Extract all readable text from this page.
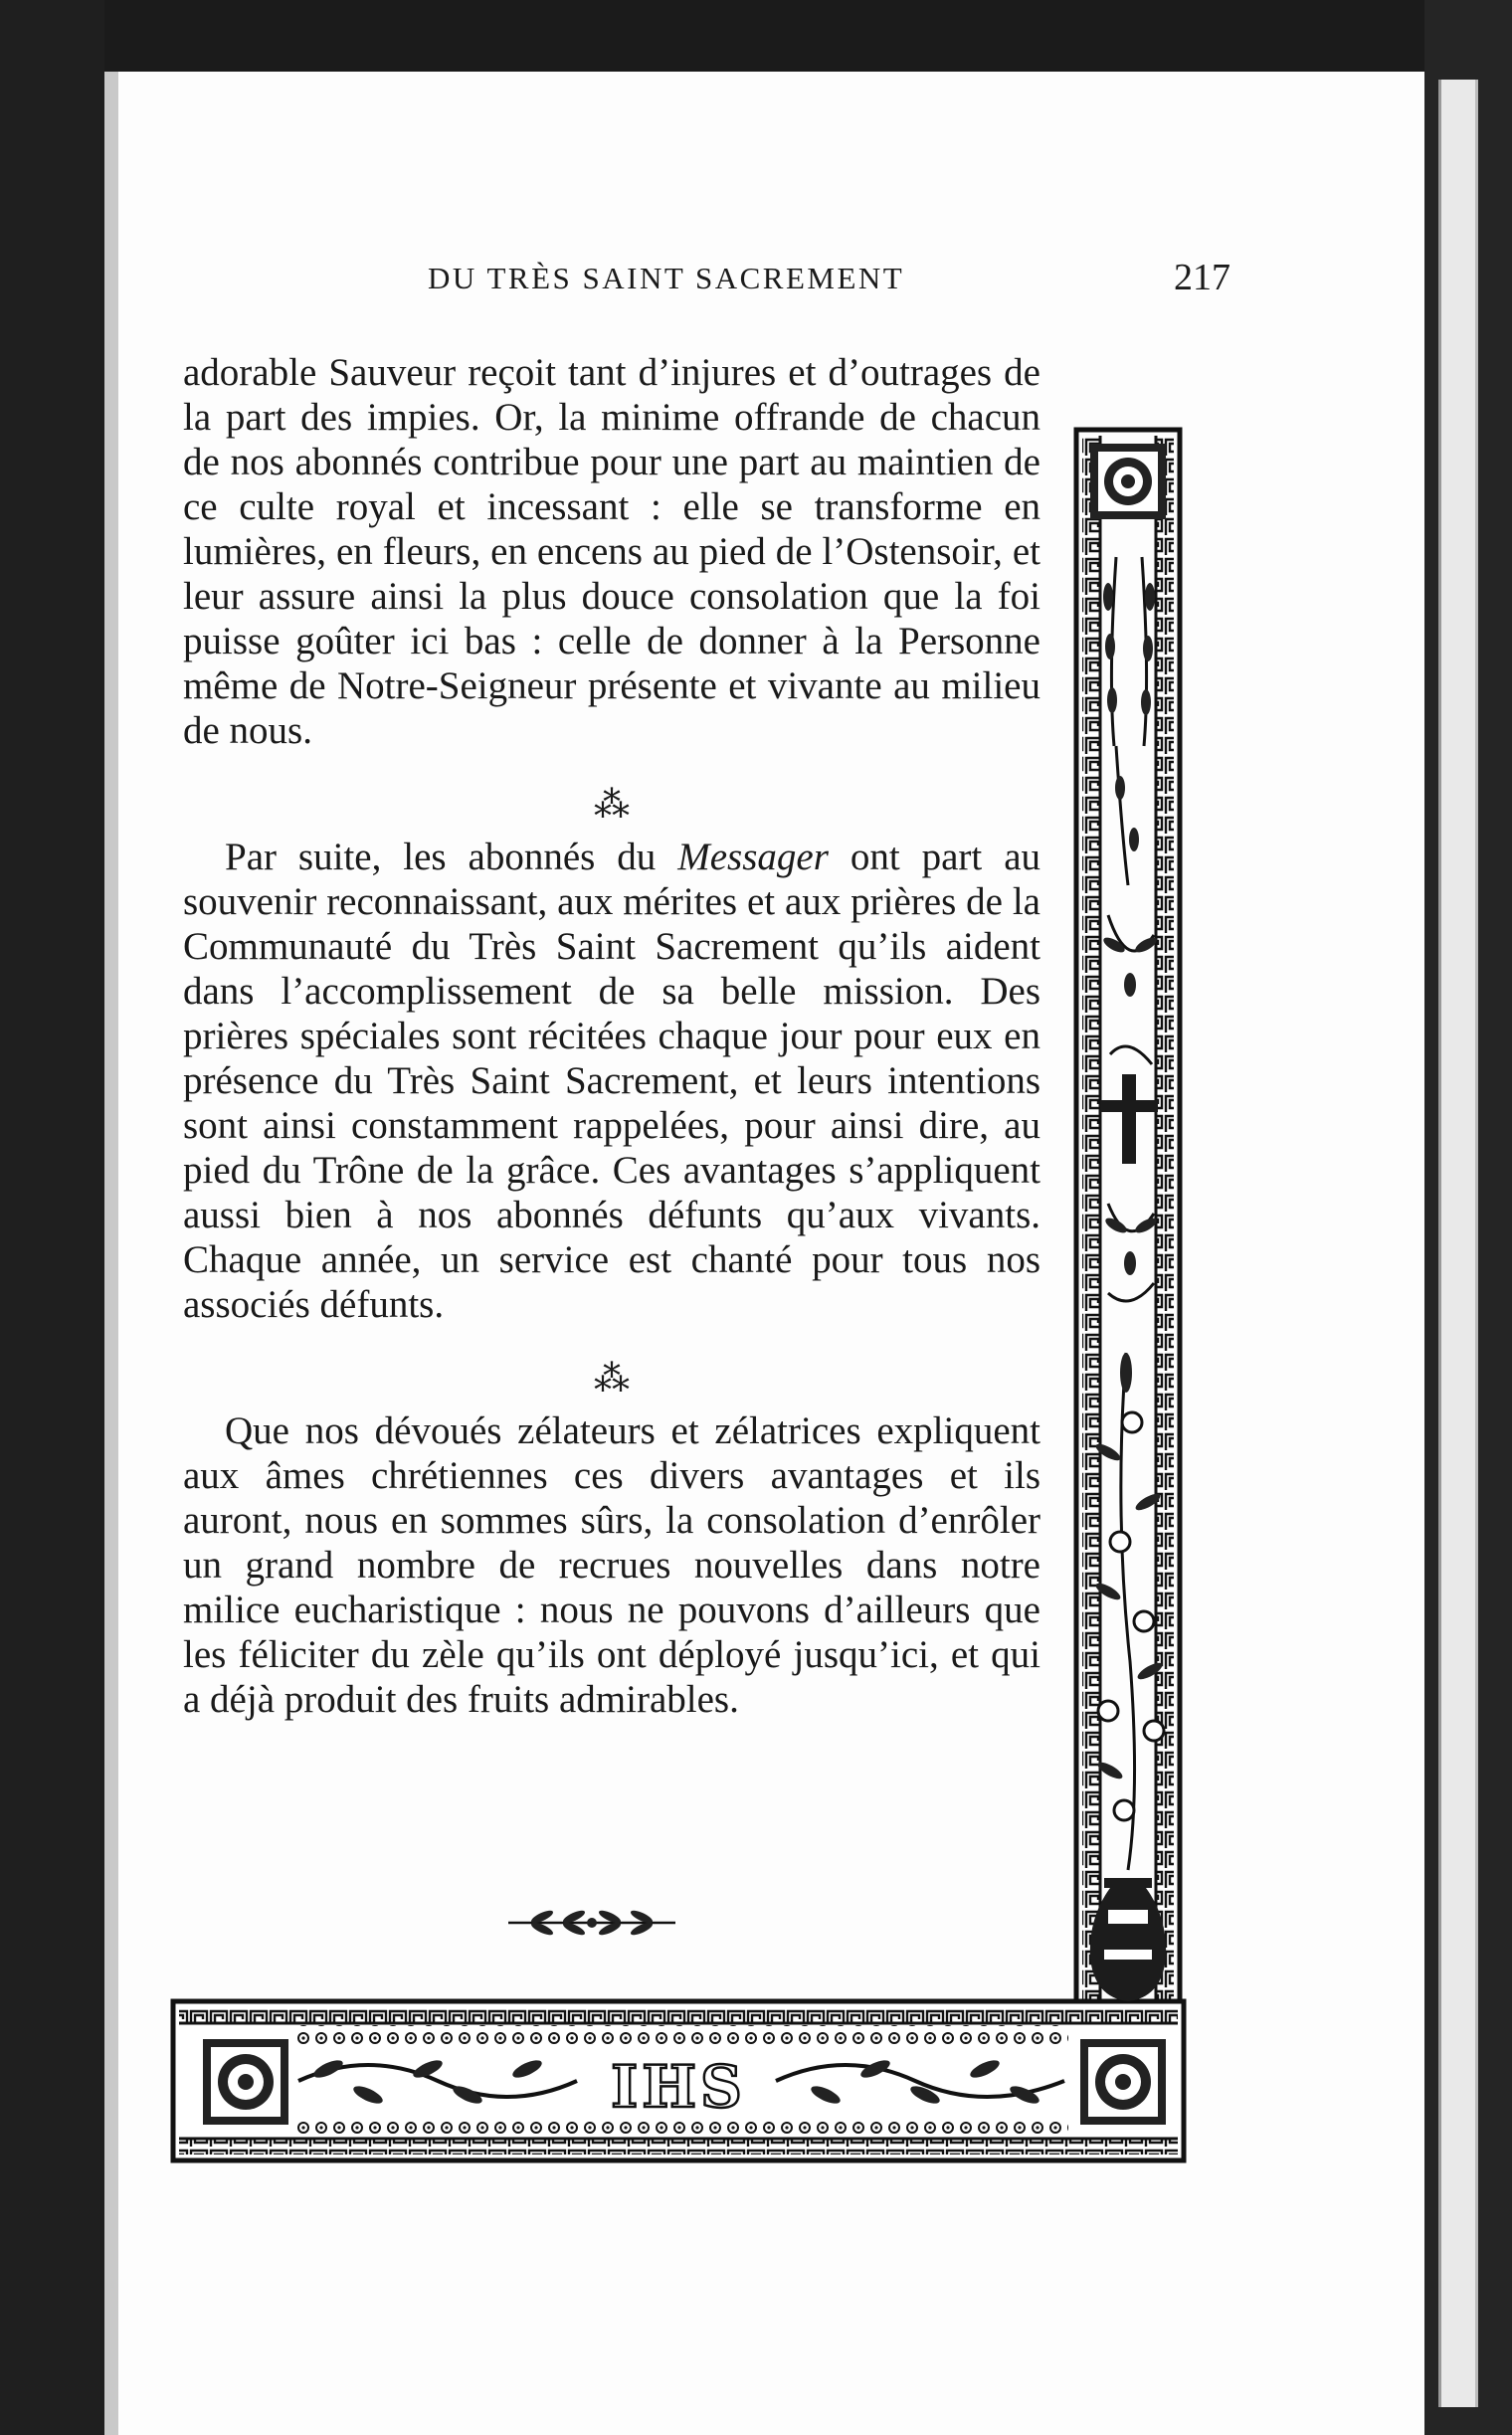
DU TRÈS SAINT SACREMENT	217
IHS

adorable Sauveur reçoit tant d’injures et d’outrages de la part des impies. Or, la minime offrande de chacun de nos abonnés contribue pour une part au maintien de ce culte royal et incessant : elle se transforme en lumières, en fleurs, en encens au pied de l’Ostensoir, et leur assure ainsi la plus douce consolation que la foi puisse goûter ici bas : celle de donner à la Personne même de Notre-Seigneur présente et vivante au milieu de nous.

⁂

Par suite, les abonnés du Messager ont part au souvenir reconnaissant, aux mérites et aux prières de la Communauté du Très Saint Sacrement qu’ils aident dans l’accomplissement de sa belle mission. Des prières spéciales sont récitées chaque jour pour eux en présence du Très Saint Sacrement, et leurs intentions sont ainsi constamment rappelées, pour ainsi dire, au pied du Trône de la grâce. Ces avantages s’appliquent aussi bien à nos abonnés défunts qu’aux vivants. Chaque année, un service est chanté pour tous nos associés défunts.

⁂

Que nos dévoués zélateurs et zélatrices expliquent aux âmes chrétiennes ces divers avantages et ils auront, nous en sommes sûrs, la consolation d’enrôler un grand nombre de recrues nouvelles dans notre milice eucharistique : nous ne pouvons d’ailleurs que les féliciter du zèle qu’ils ont déployé jusqu’ici, et qui a déjà produit des fruits admirables.
